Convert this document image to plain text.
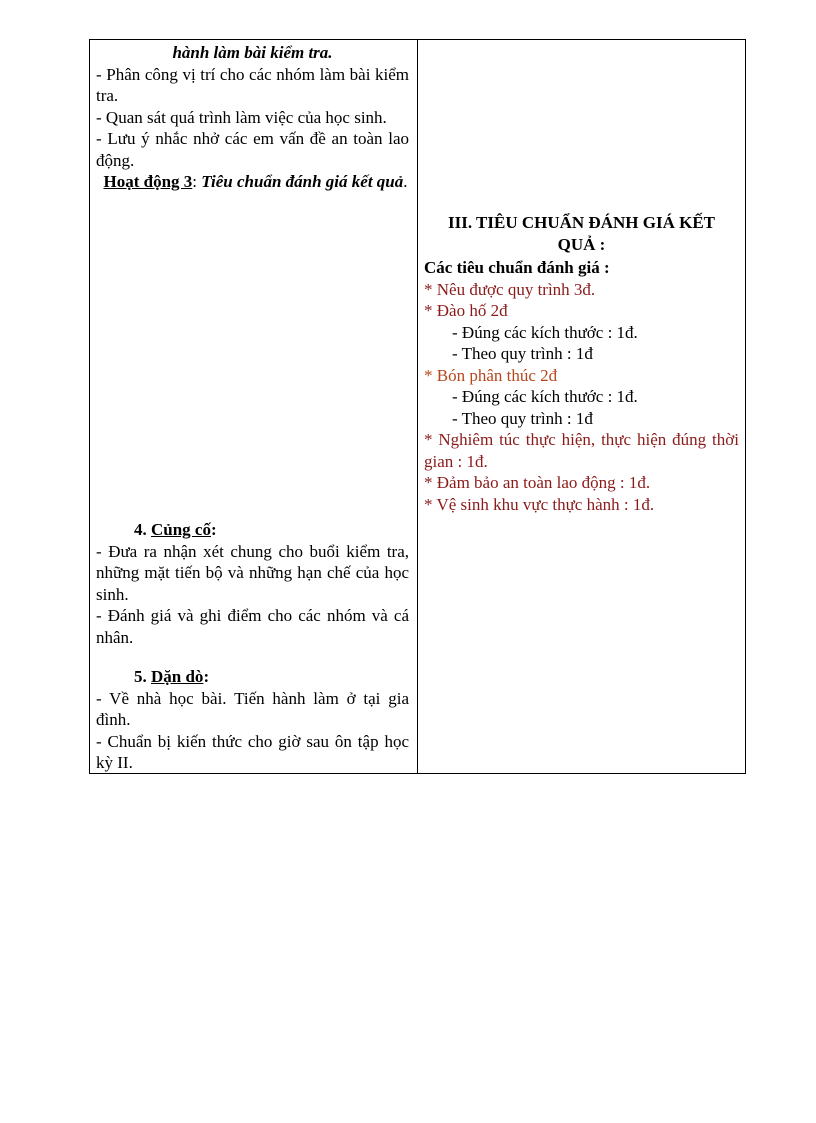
hành làm bài kiểm tra.

- Phân công vị trí cho các nhóm làm bài kiểm tra.

- Quan sát quá trình làm việc của học sinh.

- Lưu ý nhắc nhở các em vấn đề an toàn lao động.

Hoạt động 3: Tiêu chuẩn đánh giá kết quả.

4. Củng cố:

- Đưa ra nhận xét chung cho buổi kiểm tra, những mặt tiến bộ và những hạn chế của học sinh.

- Đánh giá và ghi điểm cho các nhóm và cá nhân.

5. Dặn dò:

- Về nhà học bài. Tiến hành làm ở tại gia đình.

- Chuẩn bị kiến thức cho giờ sau ôn tập học kỳ II.

III. TIÊU CHUẨN ĐÁNH GIÁ KẾT QUẢ :

Các tiêu chuẩn đánh giá :

* Nêu được quy trình 3đ.

* Đào hố 2đ

- Đúng các kích thước : 1đ.

- Theo quy trình : 1đ

* Bón phân thúc 2đ

- Đúng các kích thước : 1đ.

- Theo quy trình : 1đ

* Nghiêm túc thực hiện, thực hiện đúng thời gian : 1đ.

* Đảm bảo an toàn lao động : 1đ.

* Vệ sinh khu vực thực hành : 1đ.
